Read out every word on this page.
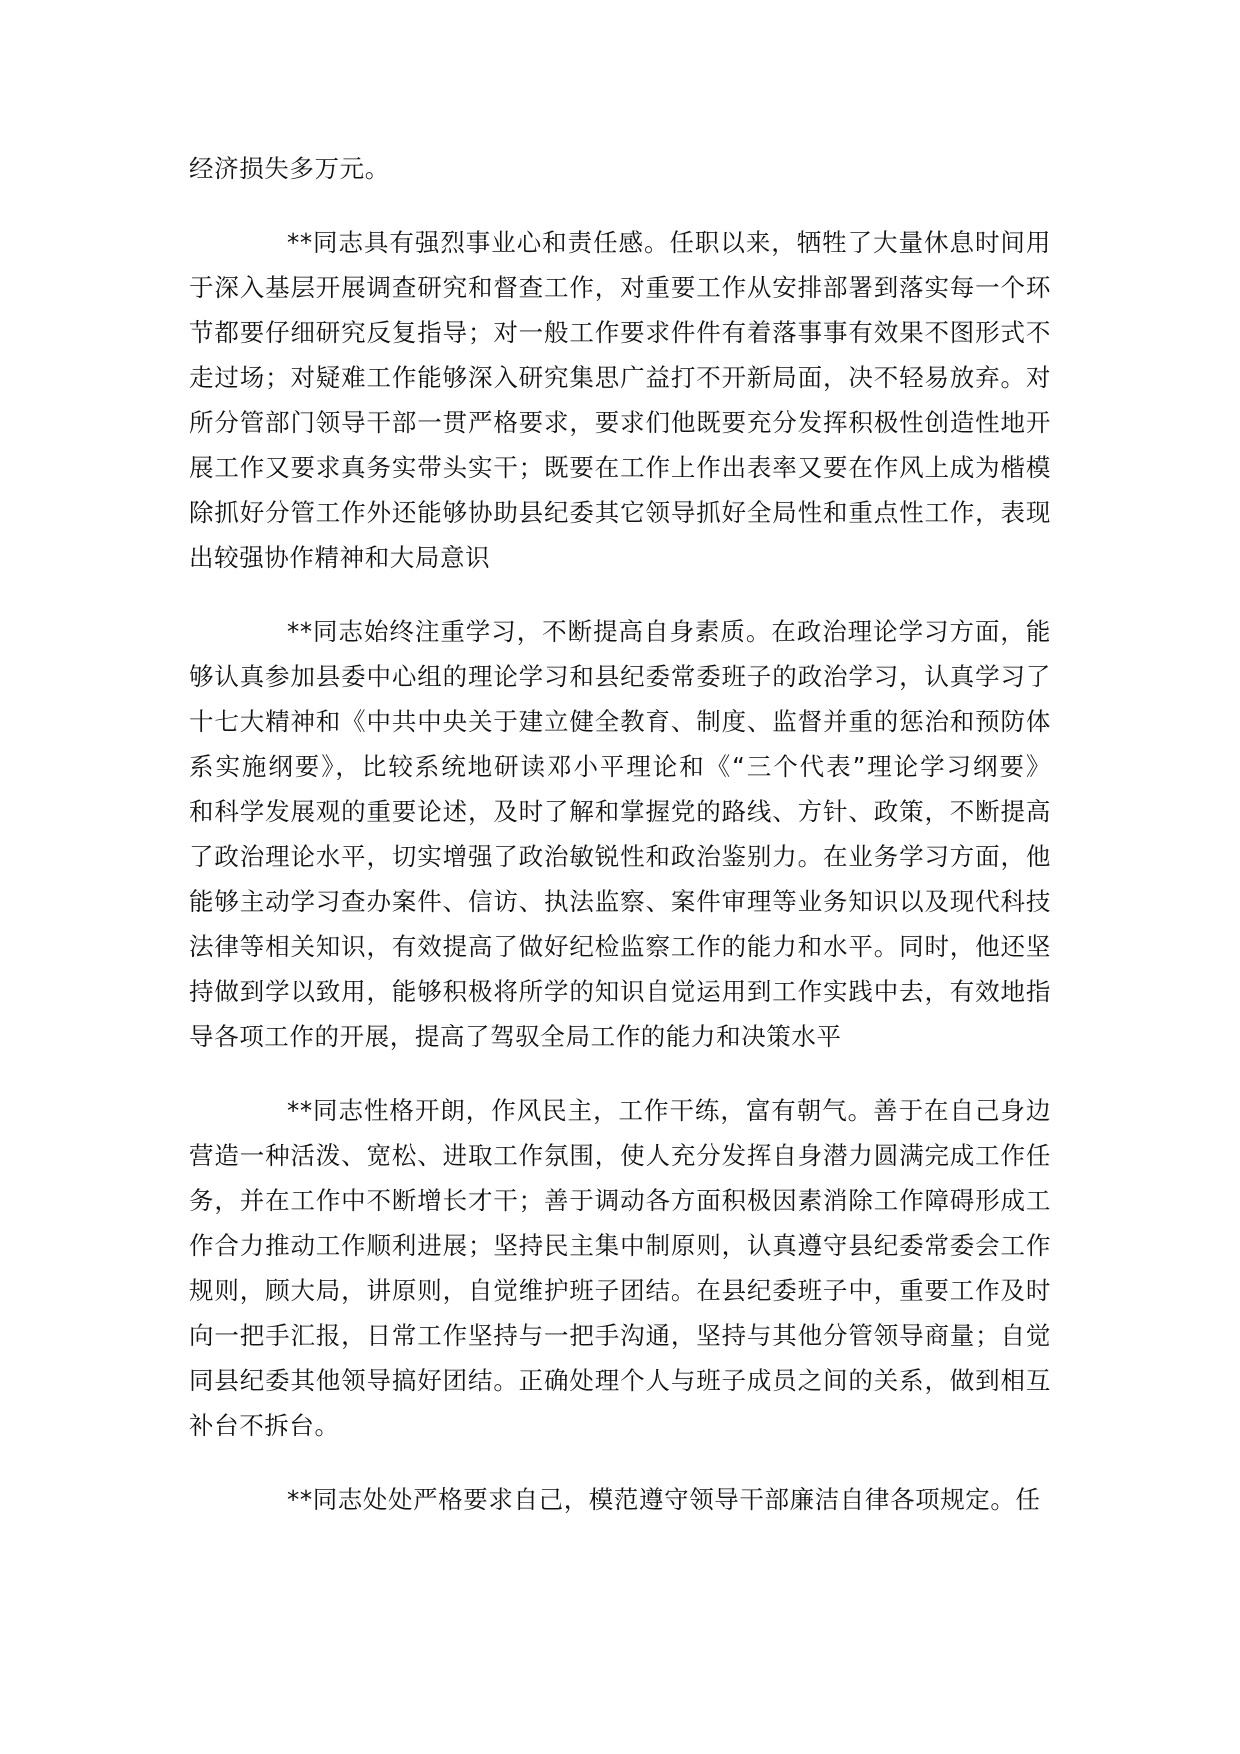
经济损失多万元。
**同志具有强烈事业心和责任感。任职以来，牺牲了大量休息时间用
于深入基层开展调查研究和督查工作，对重要工作从安排部署到落实每一个环
节都要仔细研究反复指导；对一般工作要求件件有着落事事有效果不图形式不
走过场；对疑难工作能够深入研究集思广益打不开新局面，决不轻易放弃。对
所分管部门领导干部一贯严格要求，要求们他既要充分发挥积极性创造性地开
展工作又要求真务实带头实干；既要在工作上作出表率又要在作风上成为楷模
除抓好分管工作外还能够协助县纪委其它领导抓好全局性和重点性工作，表现
出较强协作精神和大局意识
**同志始终注重学习，不断提高自身素质。在政治理论学习方面，能
够认真参加县委中心组的理论学习和县纪委常委班子的政治学习，认真学习了
十七大精神和《中共中央关于建立健全教育、制度、监督并重的惩治和预防体
系实施纲要》，比较系统地研读邓小平理论和《“三个代表”理论学习纲要》
和科学发展观的重要论述，及时了解和掌握党的路线、方针、政策，不断提高
了政治理论水平，切实增强了政治敏锐性和政治鉴别力。在业务学习方面，他
能够主动学习查办案件、信访、执法监察、案件审理等业务知识以及现代科技
法律等相关知识，有效提高了做好纪检监察工作的能力和水平。同时，他还坚
持做到学以致用，能够积极将所学的知识自觉运用到工作实践中去，有效地指
导各项工作的开展，提高了驾驭全局工作的能力和决策水平
**同志性格开朗，作风民主，工作干练，富有朝气。善于在自己身边
营造一种活泼、宽松、进取工作氛围，使人充分发挥自身潜力圆满完成工作任
务，并在工作中不断增长才干；善于调动各方面积极因素消除工作障碍形成工
作合力推动工作顺利进展；坚持民主集中制原则，认真遵守县纪委常委会工作
规则，顾大局，讲原则，自觉维护班子团结。在县纪委班子中，重要工作及时
向一把手汇报，日常工作坚持与一把手沟通，坚持与其他分管领导商量；自觉
同县纪委其他领导搞好团结。正确处理个人与班子成员之间的关系，做到相互
补台不拆台。
**同志处处严格要求自己，模范遵守领导干部廉洁自律各项规定。任
